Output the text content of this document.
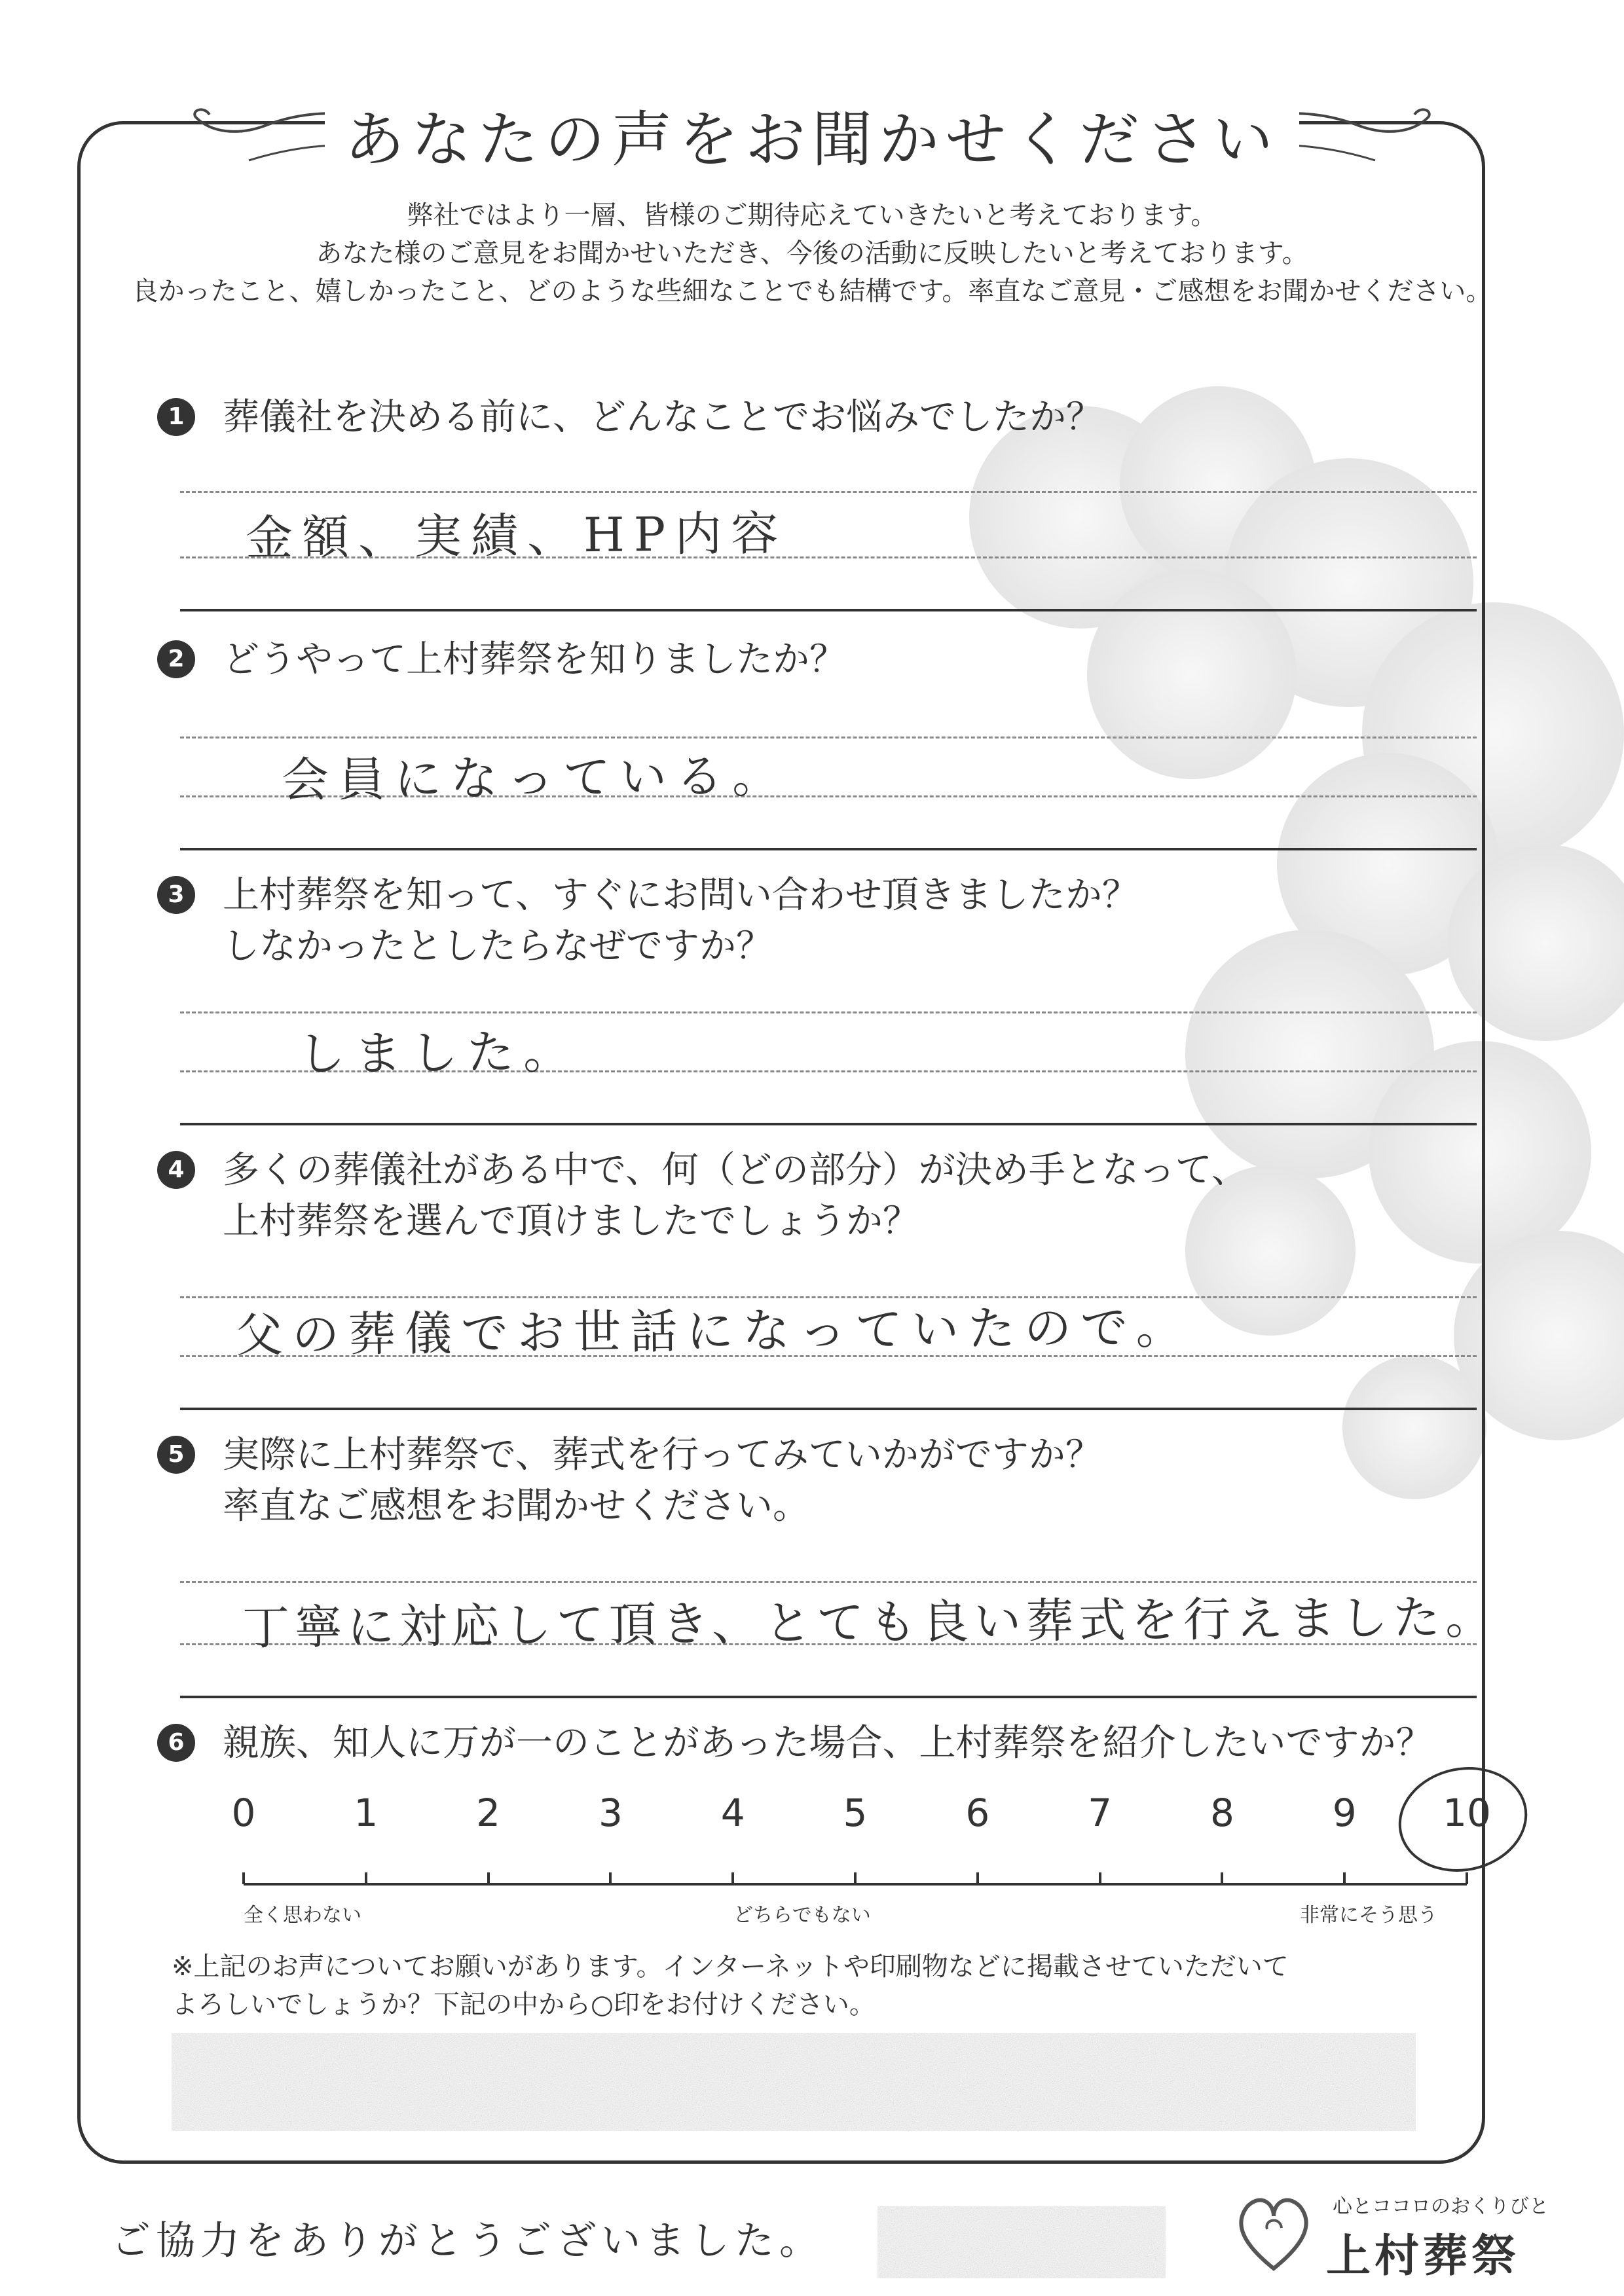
あなたの声をお聞かせください
弊社ではより一層、皆様のご期待応えていきたいと考えております。
あなた様のご意見をお聞かせいただき、今後の活動に反映したいと考えております。
良かったこと、嬉しかったこと、どのような些細なことでも結構です。率直なご意見・ご感想をお聞かせください。
1 葬儀社を決める前に、どんなことでお悩みでしたか？
金額、実績、HP内容
2 どうやって上村葬祭を知りましたか？
会員になっている。
3 上村葬祭を知って、すぐにお問い合わせ頂きましたか？
しなかったとしたらなぜですか？
しました。
4 多くの葬儀社がある中で、何（どの部分）が決め手となって、
上村葬祭を選んで頂けましたでしょうか？
父の葬儀でお世話になっていたので。
5 実際に上村葬祭で、葬式を行ってみていかがですか？
率直なご感想をお聞かせください。
丁寧に対応して頂き、とても良い葬式を行えました。
6 親族、知人に万が一のことがあった場合、上村葬祭を紹介したいですか？
0	1	2	3	4	5	6	7	8	9	10
全く思わない	どちらでもない	非常にそう思う
※上記のお声についてお願いがあります。インターネットや印刷物などに掲載させていただいて
よろしいでしょうか？下記の中から○印をお付けください。
ご協力をありがとうございました。
心とココロのおくりびと
上村葬祭
